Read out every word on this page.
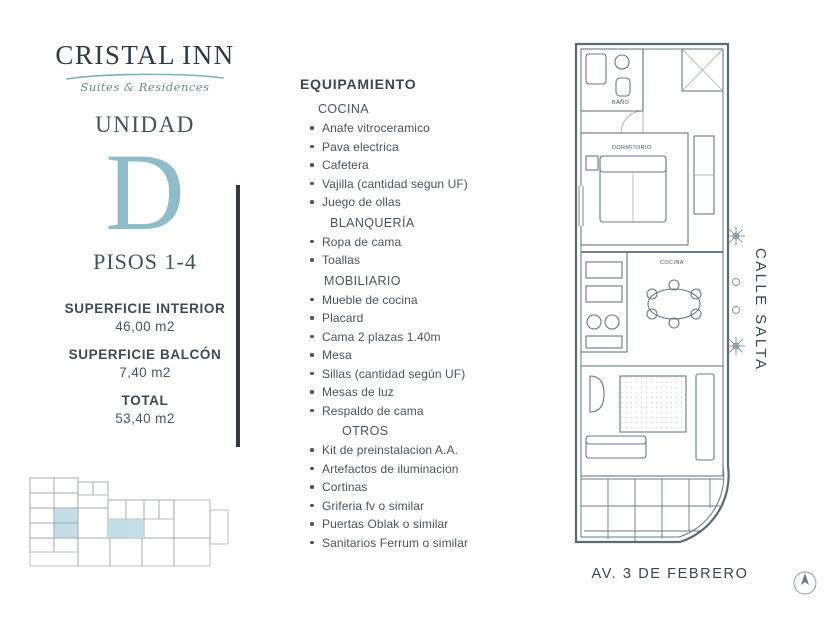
CRISTAL INN
Suites & Residences
UNIDAD
D
PISOS 1-4
SUPERFICIE INTERIOR
46,00 m2
SUPERFICIE BALCÓN
7,40 m2
TOTAL
53,40 m2
EQUIPAMIENTO
COCINA
Anafe vitroceramico
Pava electrica
Cafetera
Vajilla (cantidad segun UF)
Juego de ollas
BLANQUERÍA
Ropa de cama
Toallas
MOBILIARIO
Mueble de cocina
Placard
Cama 2 plazas 1.40m
Mesa
Sillas (cantidad según UF)
Mesas de luz
Respaldo de cama
OTROS
Kit de preinstalacion A.A.
Artefactos de iluminacion
Cortinas
Griferia fv o similar
Puertas Oblak o similar
Sanitarios Ferrum o similar
BAÑO
DORMITORIO
COCINA	CALLE SALTA
AV. 3 DE FEBRERO
